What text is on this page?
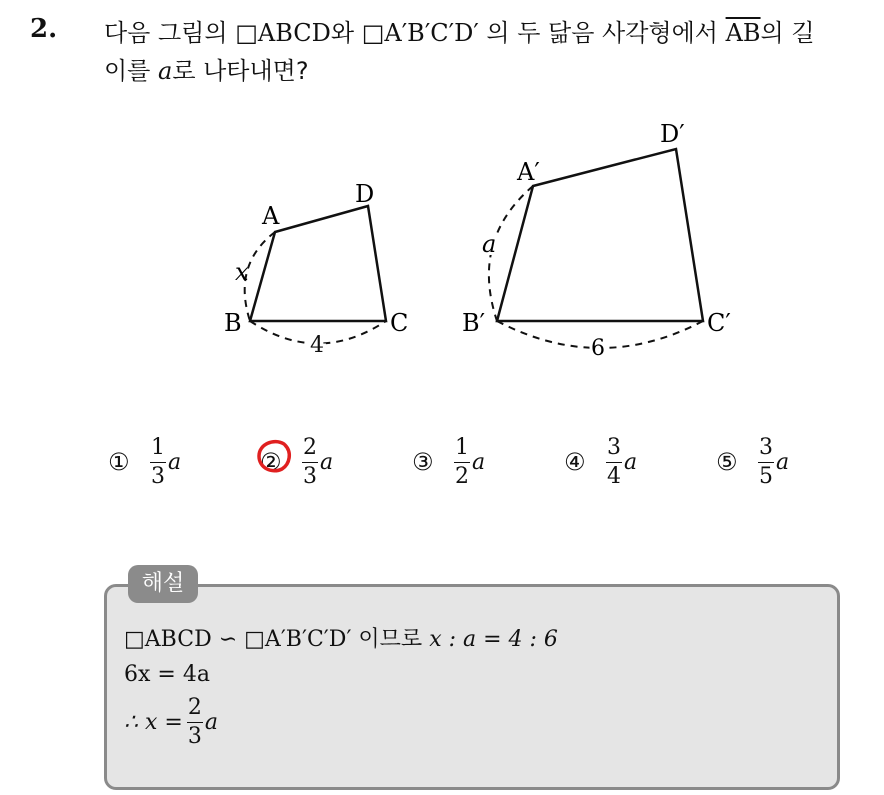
2. 다음 그림의 □ABCD와 □A′B′C′D′ 의 두 닮음 사각형에서 $\overline{AB}$의 길
이를 a로 나타내면?
A
D
B	C
x
4
A′
D′
B′	C′
a
6
① $\frac{1}{3}$ a	② $\frac{2}{3}$ a	③ $\frac{1}{2}$ a	④ $\frac{3}{4}$ a	⑤ $\frac{3}{5}$ a
해설
□ABCD ∽ □A′B′C′D′ 이므로 x : a = 4 : 6
6x = 4a
∴ $x = \frac{2}{3}$ a
